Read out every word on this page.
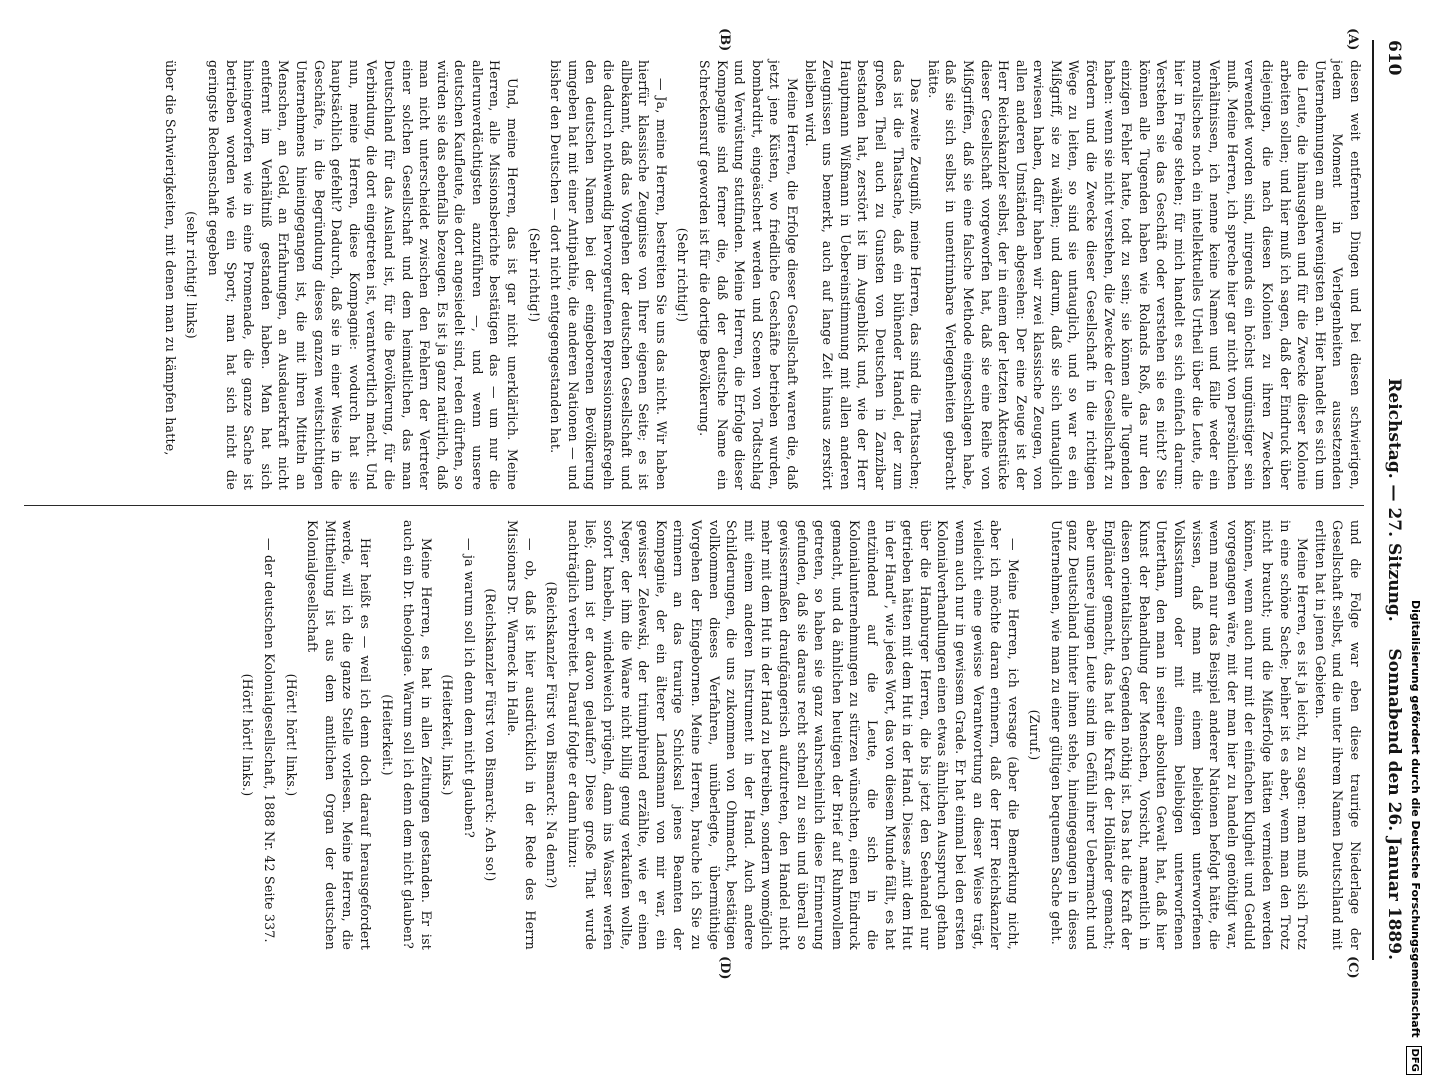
610
Reichstag. — 27. Sitzung.
Sonnabend den 26. Januar 1889.
(A)
(B)
(C)
(D)

diesen weit entfernten Dingen und bei diesen schwierigen, jedem Moment in Verlegenheiten aussetzenden Unternehmungen am allerwenigsten an. Hier handelt es sich um die Leute, die hinausgehen und für die Zwecke dieser Kolonie arbeiten sollen; und hier muß ich sagen, daß der Eindruck über diejenigen, die nach diesen Kolonien zu ihren Zwecken verwendet worden sind, nirgends ein höchst ungünstiger sein muß. Meine Herren, ich spreche hier gar nicht von persönlichen Verhältnissen, ich nenne keine Namen und fälle weder ein moralisches noch ein intellektuelles Urtheil über die Leute, die hier in Frage stehen; für mich handelt es sich einfach darum: Verstehen sie das Geschäft oder verstehen sie es nicht? Sie können alle Tugenden haben wie Rolands Roß, das nur den einzigen Fehler hatte, todt zu sein; sie können alle Tugenden haben: wenn sie nicht verstehen, die Zwecke der Gesellschaft zu fördern und die Zwecke dieser Gesellschaft in die richtigen Wege zu leiten, so sind sie untauglich, und so war es ein Mißgriff, sie zu wählen; und darum, daß sie sich untauglich erwiesen haben, dafür haben wir zwei klassische Zeugen, von allen anderen Umständen abgesehen: Der eine Zeuge ist der Herr Reichskanzler selbst, der in einem der letzten Aktenstücke dieser Gesellschaft vorgeworfen hat, daß sie eine Reihe von Mißgriffen, daß sie eine falsche Methode eingeschlagen habe, daß sie sich selbst in unentrinnbare Verlegenheiten gebracht hätte.

Das zweite Zeugniß, meine Herren, das sind die Thatsachen; das ist die Thatsache, daß ein blühender Handel, der zum großen Theil auch zu Gunsten von Deutschen in Zanzibar bestanden hat, zerstört ist im Augenblick und, wie der Herr Hauptmann Wißmann in Uebereinstimmung mit allen anderen Zeugnissen uns bemerkt, auch auf lange Zeit hinaus zerstört bleiben wird.

Meine Herren, die Erfolge dieser Gesellschaft waren die, daß jetzt jene Küsten, wo friedliche Geschäfte betrieben wurden, bombardirt, eingeäschert werden und Scenen von Todtschlag und Verwüstung stattfinden. Meine Herren, die Erfolge dieser Kompagnie sind ferner die, daß der deutsche Name ein Schreckensruf geworden ist für die dortige Bevölkerung.

(Sehr richtig!)

— Ja, meine Herren, bestreiten Sie uns das nicht. Wir haben hierfür klassische Zeugnisse von Ihrer eigenen Seite; es ist allbekannt, daß das Vorgehen der deutschen Gesellschaft und die dadurch nothwendig hervorgerufenen Repressionsmaßregeln den deutschen Namen bei der eingeborenen Bevölkerung umgeben hat mit einer Antipathie, die anderen Nationen — und bisher den Deutschen — dort nicht entgegengestanden hat.

(Sehr richtig!)

Und, meine Herren, das ist gar nicht unerklärlich. Meine Herren, alle Missionsberichte bestätigen das — um nur die allerunverdächtigsten anzuführen —, und wenn unsere deutschen Kaufleute, die dort angesiedelt sind, reden dürften, so würden sie das ebenfalls bezeugen. Es ist ja ganz natürlich, daß man nicht unterscheidet zwischen den Fehlern der Vertreter einer solchen Gesellschaft und dem heimatlichen, das man Deutschland für das Ausland ist, für die Bevölkerung, für die Verbindung, die dort eingetreten ist, verantwortlich macht. Und nun, meine Herren, diese Kompagnie: wodurch hat sie hauptsächlich gefehlt? Dadurch, daß sie in einer Weise in die Geschäfte, in die Begründung dieses ganzen weitschichtigen Unternehmens hineingegangen ist, die mit ihren Mitteln an Menschen, an Geld, an Erfahrungen, an Ausdauerkraft nicht entfernt im Verhältniß gestanden haben. Man hat sich hineingeworfen wie in eine Promenade, die ganze Sache ist betrieben worden wie ein Sport; man hat sich nicht die geringste Rechenschaft gegeben

(sehr richtig! links)

über die Schwierigkeiten, mit denen man zu kämpfen hatte,

und die Folge war eben diese traurige Niederlage der Gesellschaft selbst, und die unter ihrem Namen Deutschland mit erlitten hat in jenen Gebieten.

Meine Herren, es ist ja leicht, zu sagen: man muß sich Trotz in eine schöne Sache; beiher ist es aber, wenn man den Trotz nicht braucht; und die Mißerfolge hätten vermieden werden können, wenn auch nur mit der einfachen Klugheit und Geduld vorgegangen wäre, mit der man hier zu handeln genöthigt war, wenn man nur das Beispiel anderer Nationen befolgt hätte, die wissen, daß man mit einem beliebigen unterworfenen Volksstamm oder mit einem beliebigen unterworfenen Unterthan, den man in seiner absoluten Gewalt hat, daß hier Kunst der Behandlung der Menschen, Vorsicht, namentlich in diesen orientalischen Gegenden nöthig ist. Das hat die Kraft der Engländer gemacht, das hat die Kraft der Holländer gemacht; aber unsere jungen Leute sind im Gefühl ihrer Uebermacht und ganz Deutschland hinter ihnen stehe, hineingegangen in dieses Unternehmen, wie man zu einer gültigen bequemen Sache geht.

(Zuruf.)

— Meine Herren, ich versage (aber die Bemerkung nicht, aber ich möchte daran erinnern, daß der Herr Reichskanzler vielleicht eine gewisse Verantwortung an dieser Weise trägt, wenn auch nur in gewissem Grade. Er hat einmal bei den ersten Kolonialverhandlungen einen etwas ähnlichen Ausspruch gethan über die Hamburger Herren, die bis jetzt den Seehandel nur getrieben hätten mit dem Hut in der Hand. Dieses „mit dem Hut in der Hand", wie jedes Wort, das von diesem Munde fällt, es hat entzündend auf die Leute, die sich in die Kolonialunternehmungen zu stürzen wünschten, einen Eindruck gemacht, und da ähnlichen heutigen der Brief auf Ruhmvollem getreten, so haben sie ganz wahrscheinlich diese Erinnerung gefunden, daß sie daraus recht schnell zu sein und überall so gewissermaßen draufgängerisch aufzutreten, den Handel nicht mehr mit dem Hut in der Hand zu betreiben, sondern womöglich mit einem anderen Instrument in der Hand. Auch andere Schilderungen, die uns zukommen von Ohnmacht, bestätigen vollkommen dieses Verfahren, unüberlegte, übermüthige Vorgehen der Eingebornen. Meine Herren, brauche ich Sie zu erinnern an das traurige Schicksal jenes Beamten der Kompagnie, der ein älterer Landsmann von mir war, ein gewisser Zelewski, der triumphirend erzählte, wie er einen Neger, der ihm die Waare nicht billig genug verkaufen wollte, sofort knebeln, windelweich prügeln, dann ins Wasser werfen ließ; dann ist er davon gelaufen? Diese große That wurde nachträglich verbreitet. Darauf folgte er dann hinzu:

(Reichskanzler Fürst von Bismarck: Na denn?)

— ob, daß ist hier ausdrücklich in der Rede des Herrn Missionars Dr. Warneck in Halle.

(Reichskanzler Fürst von Bismarck: Ach so!)

— ja warum soll ich denn dem nicht glauben?

(Heiterkeit, links.)

Meine Herren, es hat in allen Zeitungen gestanden. Er ist auch ein Dr. theologiae. Warum soll ich denn dem nicht glauben?

(Heiterkeit.)

Hier heißt es — weil ich denn doch darauf herausgefordert werde, will ich die ganze Stelle vorlesen. Meine Herren, die Mittheilung ist aus dem amtlichen Organ der deutschen Kolonialgesellschaft

(Hört! hört! links.)

— der deutschen Kolonialgesellschaft, 1888 Nr. 42 Seite 337.

(Hört! hört! links.)	Digitalisierung gefördert durch die Deutsche Forschungsgemeinschaft DFG
